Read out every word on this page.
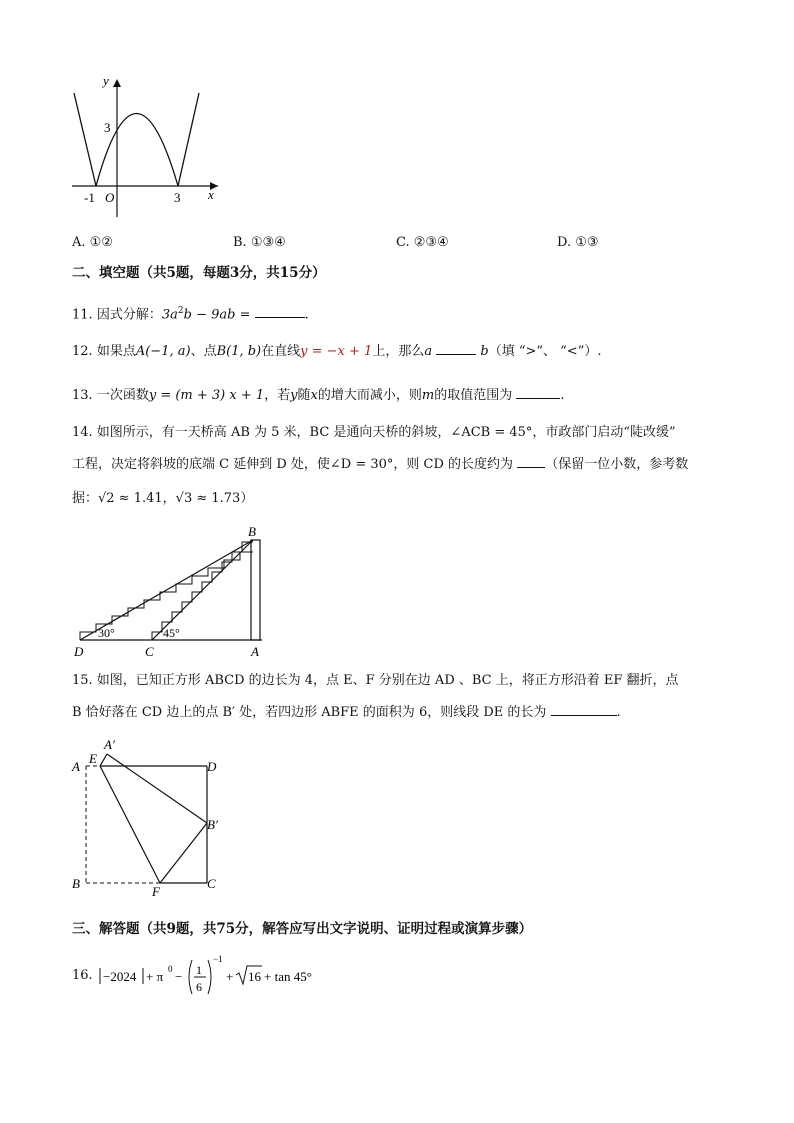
y
x
3
-1 O	3
A. ①②	B. ①③④	C. ②③④	D. ①③
二、填空题（共5题，每题3分，共15分）
11. 因式分解：$3a^2b - 9ab$ =	.
12. 如果点A(−1, a)、点B(1, b)在直线y = −x + 1上，那么a	b（填 “>”、 “<”）.
13. 一次函数y = (m + 3) x + 1，若y随x的增大而减小，则m的取值范围为	.
14. 如图所示，有一天桥高 AB 为 5 米，BC 是通向天桥的斜坡，∠ACB = 45°，市政部门启动“陡改缓”
工程，决定将斜坡的底端 C 延伸到 D 处，使∠D = 30°，则 CD 的长度约为 （保留一位小数，参考数
据：√2 ≈ 1.41，√3 ≈ 1.73）
30°	45°
B
D	C	A
15. 如图，已知正方形 ABCD 的边长为 4，点 E、F 分别在边 AD 、BC 上，将正方形沿着 EF 翻折，点
B 恰好落在 CD 边上的点 B′ 处，若四边形 ABFE 的面积为 6，则线段 DE 的长为	.
A′
E
A	D
B′
B
F
C
三、解答题（共9题，共75分，解答应写出文字说明、证明过程或演算步骤）
16. −2024 + π 0 − 1
6
−1
+ 16 + tan 45°
